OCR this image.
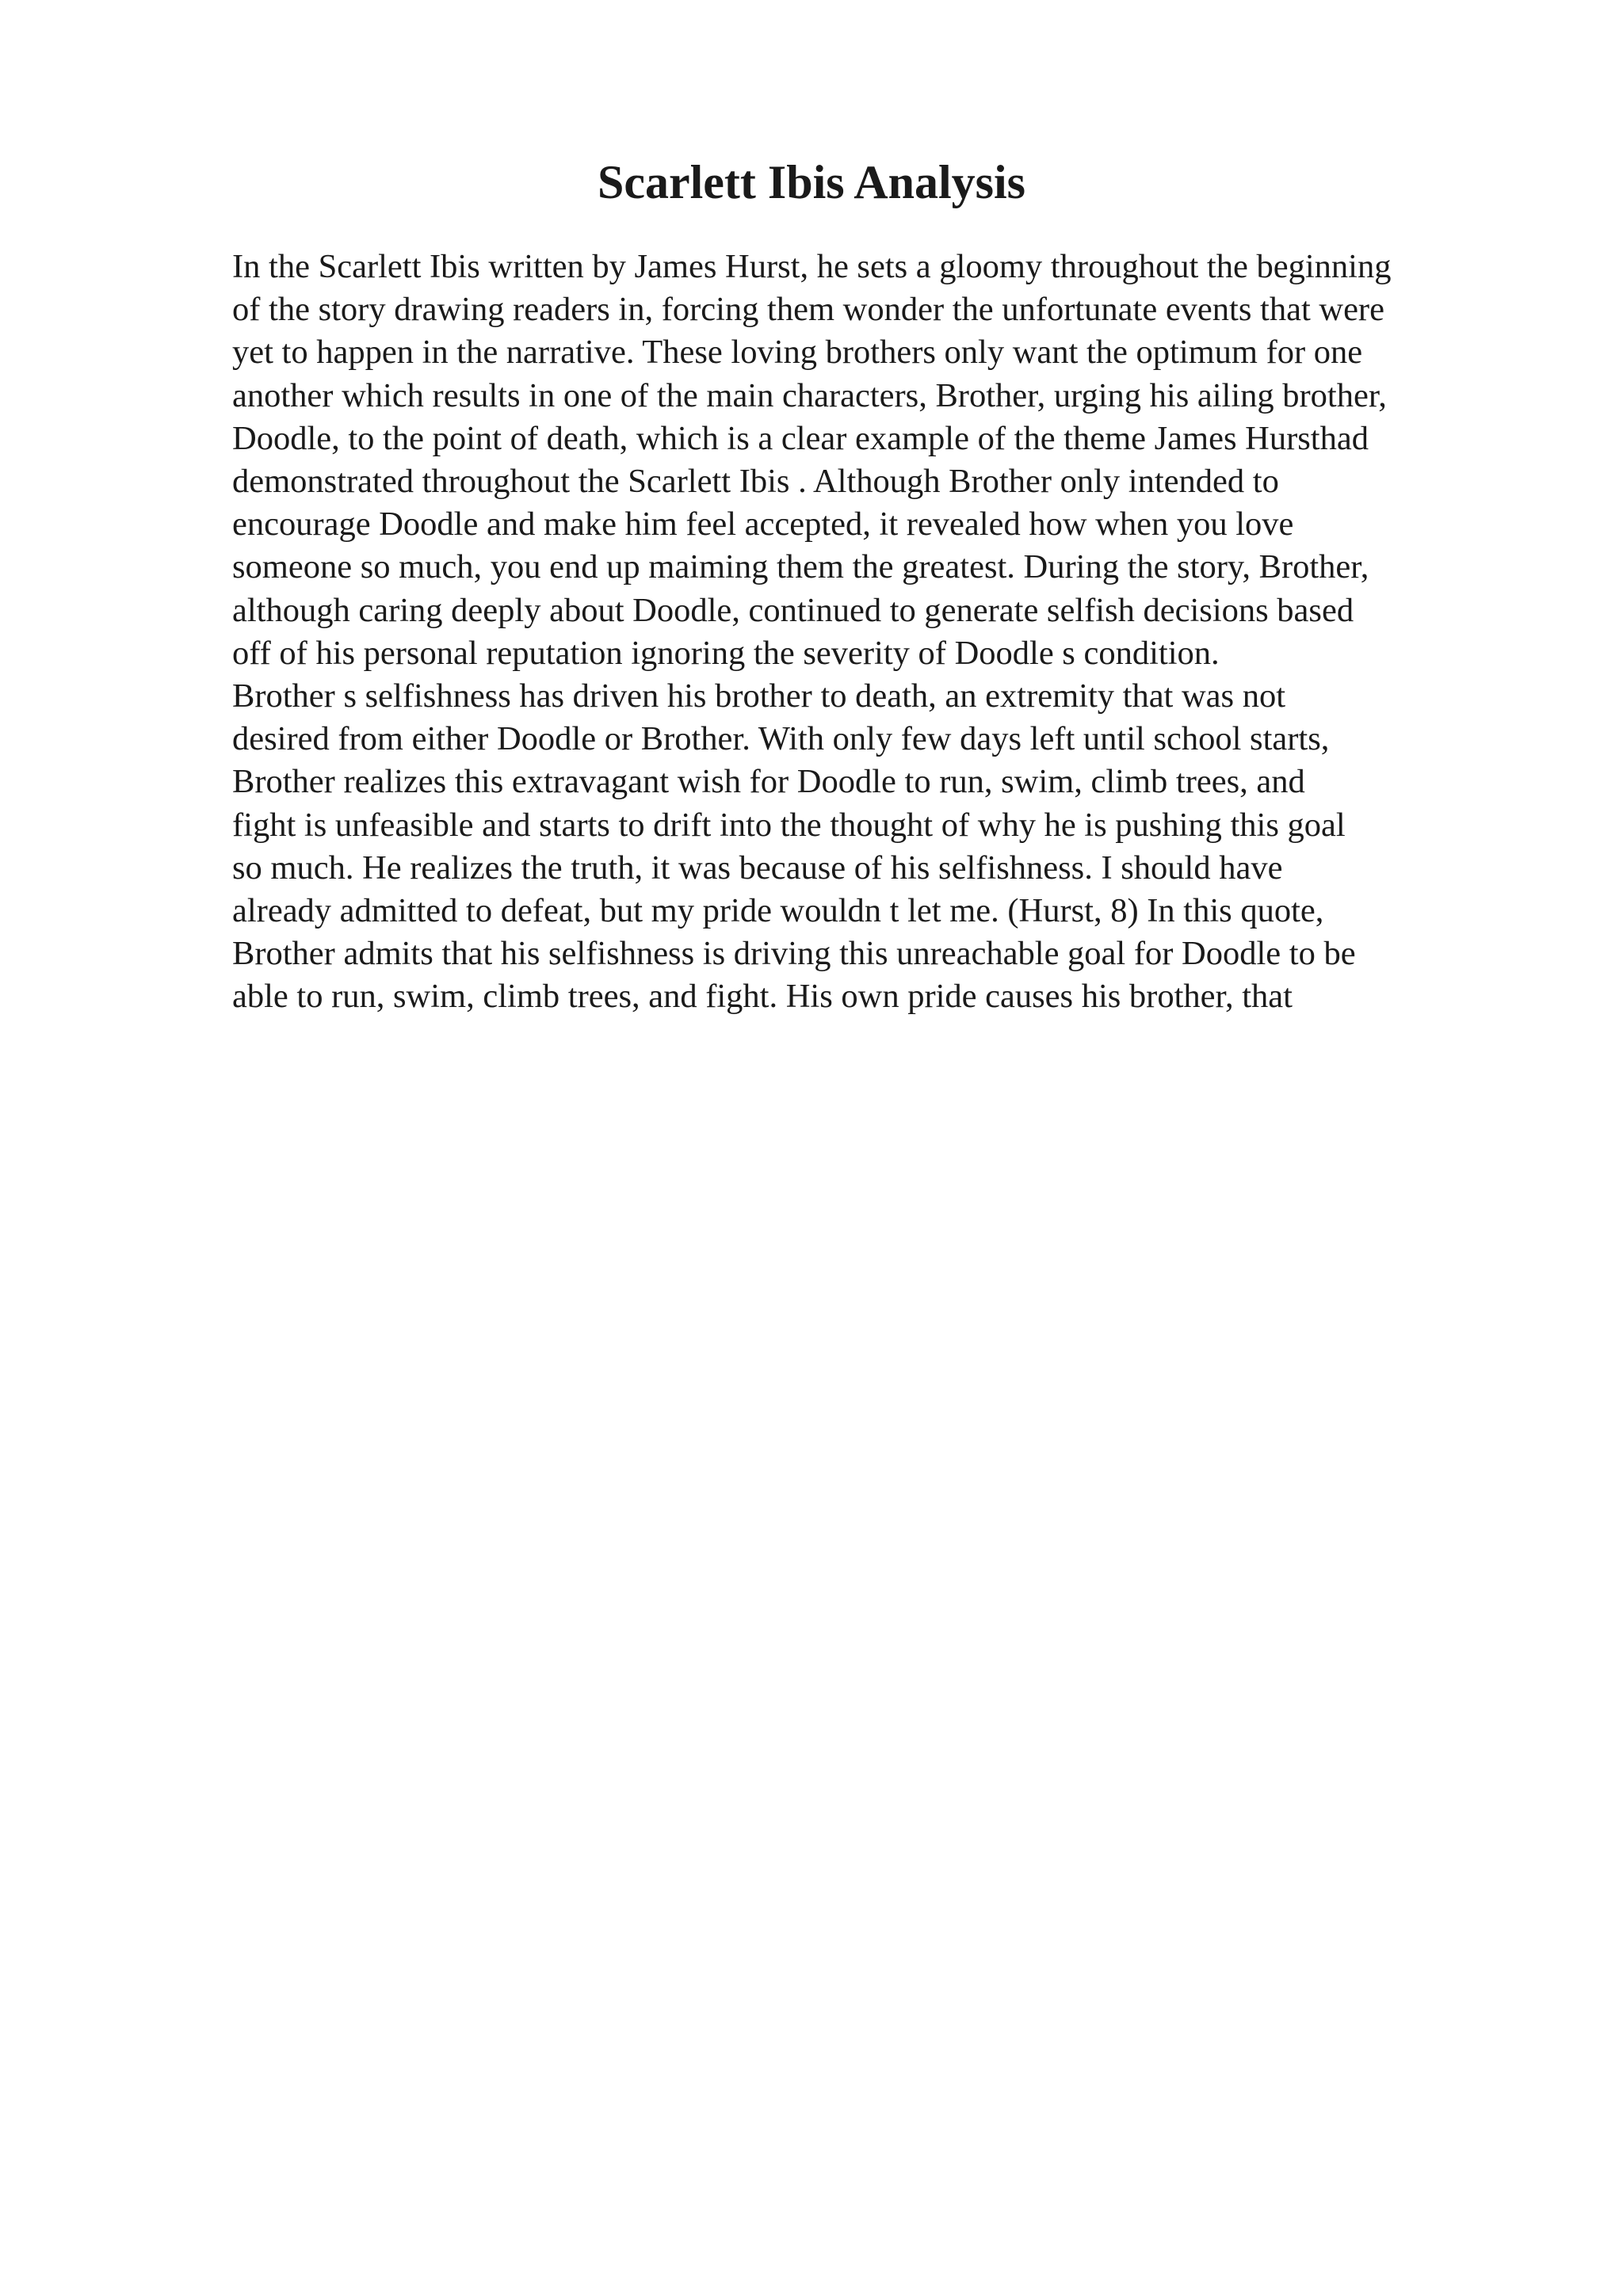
Scarlett Ibis Analysis
In the Scarlett Ibis written by James Hurst, he sets a gloomy throughout the beginning
of the story drawing readers in, forcing them wonder the unfortunate events that were
yet to happen in the narrative. These loving brothers only want the optimum for one
another which results in one of the main characters, Brother, urging his ailing brother,
Doodle, to the point of death, which is a clear example of the theme James Hursthad
demonstrated throughout the Scarlett Ibis . Although Brother only intended to
encourage Doodle and make him feel accepted, it revealed how when you love
someone so much, you end up maiming them the greatest. During the story, Brother,
although caring deeply about Doodle, continued to generate selfish decisions based
off of his personal reputation ignoring the severity of Doodle s condition.
Brother s selfishness has driven his brother to death, an extremity that was not
desired from either Doodle or Brother. With only few days left until school starts,
Brother realizes this extravagant wish for Doodle to run, swim, climb trees, and
fight is unfeasible and starts to drift into the thought of why he is pushing this goal
so much. He realizes the truth, it was because of his selfishness. I should have
already admitted to defeat, but my pride wouldn t let me. (Hurst, 8) In this quote,
Brother admits that his selfishness is driving this unreachable goal for Doodle to be
able to run, swim, climb trees, and fight. His own pride causes his brother, that
